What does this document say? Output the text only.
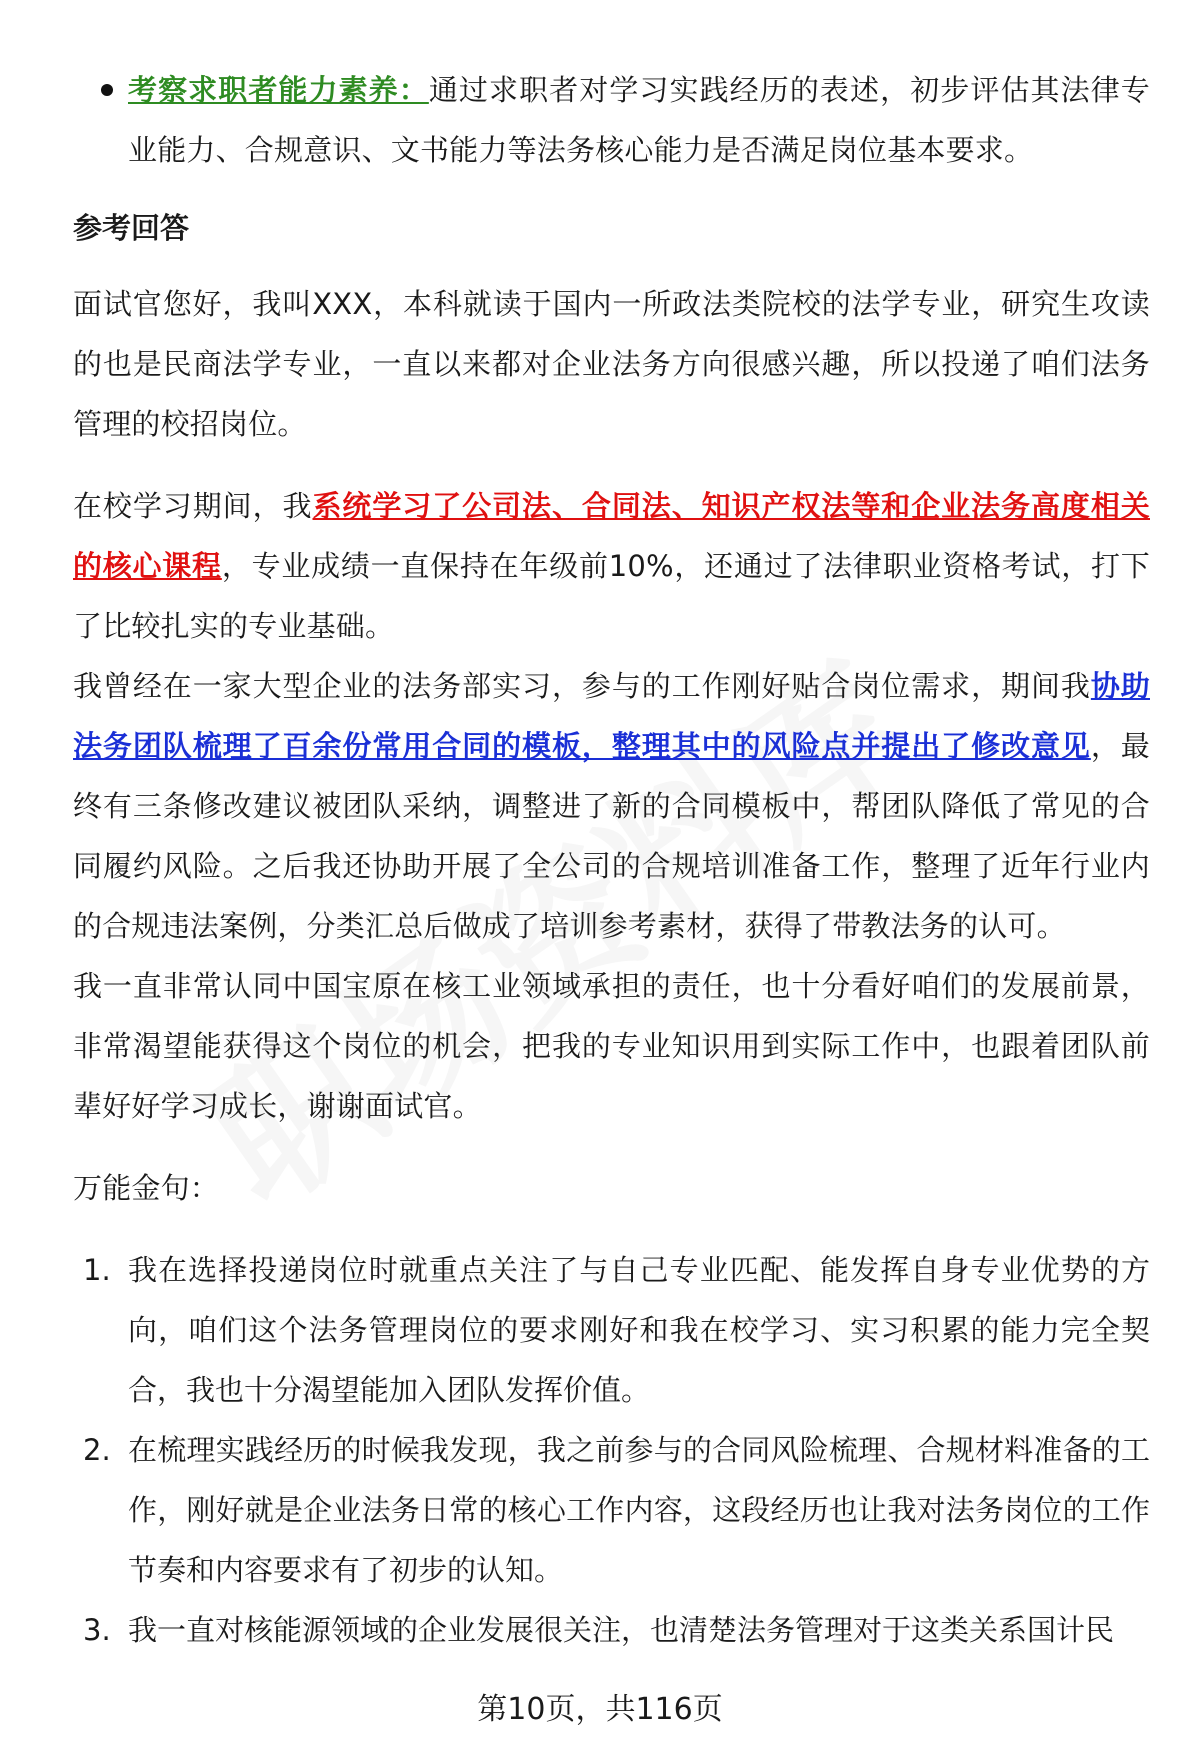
考察求职者能力素养：通过求职者对学习实践经历的表述，初步评估其法律专业能力、合规意识、文书能力等法务核心能力是否满足岗位基本要求。
参考回答

面试官您好，我叫XXX，本科就读于国内一所政法类院校的法学专业，研究生攻读的也是民商法学专业，一直以来都对企业法务方向很感兴趣，所以投递了咱们法务管理的校招岗位。

在校学习期间，我系统学习了公司法、合同法、知识产权法等和企业法务高度相关的核心课程，专业成绩一直保持在年级前10%，还通过了法律职业资格考试，打下了比较扎实的专业基础。

我曾经在一家大型企业的法务部实习，参与的工作刚好贴合岗位需求，期间我协助法务团队梳理了百余份常用合同的模板，整理其中的风险点并提出了修改意见，最终有三条修改建议被团队采纳，调整进了新的合同模板中，帮团队降低了常见的合同履约风险。之后我还协助开展了全公司的合规培训准备工作，整理了近年行业内的合规违法案例，分类汇总后做成了培训参考素材，获得了带教法务的认可。

我一直非常认同中国宝原在核工业领域承担的责任，也十分看好咱们的发展前景，非常渴望能获得这个岗位的机会，把我的专业知识用到实际工作中，也跟着团队前辈好好学习成长，谢谢面试官。

万能金句：

1. 我在选择投递岗位时就重点关注了与自己专业匹配、能发挥自身专业优势的方向，咱们这个法务管理岗位的要求刚好和我在校学习、实习积累的能力完全契合，我也十分渴望能加入团队发挥价值。
2. 在梳理实践经历的时候我发现，我之前参与的合同风险梳理、合规材料准备的工作，刚好就是企业法务日常的核心工作内容，这段经历也让我对法务岗位的工作节奏和内容要求有了初步的认知。
3. 我一直对核能源领域的企业发展很关注，也清楚法务管理对于这类关系国计民
第10页，共116页
